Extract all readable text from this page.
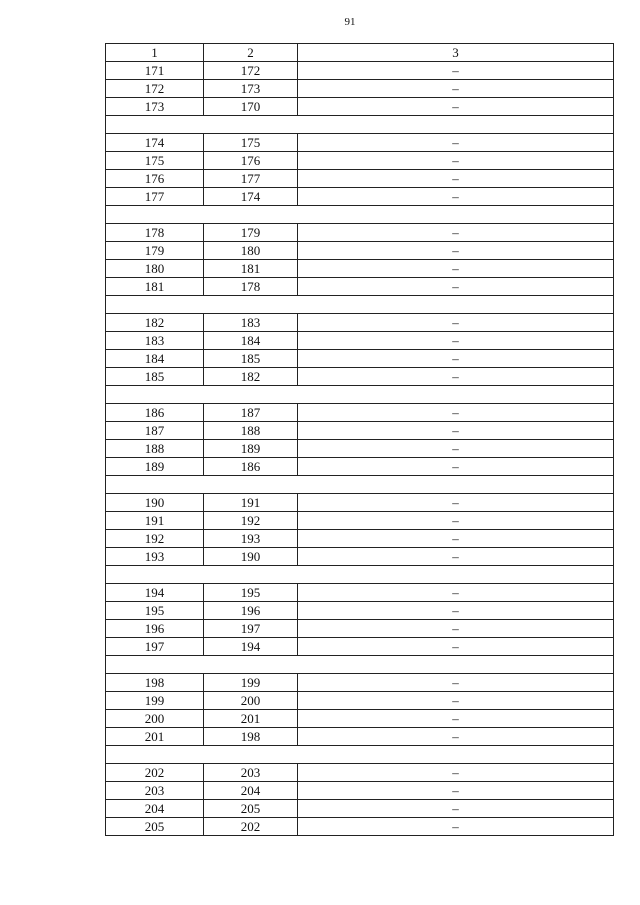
91
1	2	3
171	172	–
172	173	–
173	170	–

174	175	–
175	176	–
176	177	–
177	174	–

178	179	–
179	180	–
180	181	–
181	178	–

182	183	–
183	184	–
184	185	–
185	182	–

186	187	–
187	188	–
188	189	–
189	186	–

190	191	–
191	192	–
192	193	–
193	190	–

194	195	–
195	196	–
196	197	–
197	194	–

198	199	–
199	200	–
200	201	–
201	198	–

202	203	–
203	204	–
204	205	–
205	202	–
